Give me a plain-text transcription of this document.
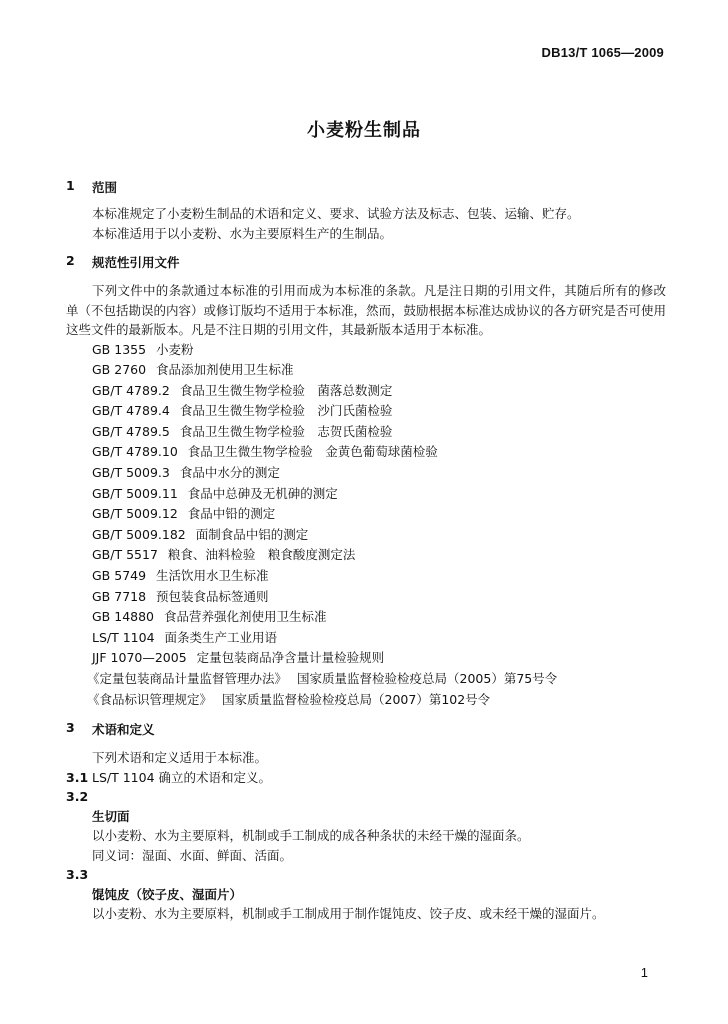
DB13/T 1065—2009
小麦粉生制品
1 范围
本标准规定了小麦粉生制品的术语和定义、要求、试验方法及标志、包装、运输、贮存。
本标准适用于以小麦粉、水为主要原料生产的生制品。
2 规范性引用文件
下列文件中的条款通过本标准的引用而成为本标准的条款。凡是注日期的引用文件，其随后所有的修改单（不包括勘误的内容）或修订版均不适用于本标准，然而，鼓励根据本标准达成协议的各方研究是否可使用这些文件的最新版本。凡是不注日期的引用文件，其最新版本适用于本标准。
GB 1355 小麦粉
GB 2760 食品添加剂使用卫生标准
GB/T 4789.2 食品卫生微生物学检验　菌落总数测定
GB/T 4789.4 食品卫生微生物学检验　沙门氏菌检验
GB/T 4789.5 食品卫生微生物学检验　志贺氏菌检验
GB/T 4789.10 食品卫生微生物学检验　金黄色葡萄球菌检验
GB/T 5009.3 食品中水分的测定
GB/T 5009.11 食品中总砷及无机砷的测定
GB/T 5009.12 食品中铅的测定
GB/T 5009.182 面制食品中铝的测定
GB/T 5517 粮食、油料检验　粮食酸度测定法
GB 5749 生活饮用水卫生标准
GB 7718 预包装食品标签通则
GB 14880 食品营养强化剂使用卫生标准
LS/T 1104 面条类生产工业用语
JJF 1070—2005 定量包装商品净含量计量检验规则
《定量包装商品计量监督管理办法》 国家质量监督检验检疫总局（2005）第75号令
《食品标识管理规定》 国家质量监督检验检疫总局（2007）第102号令
3 术语和定义
下列术语和定义适用于本标准。
3.1 LS/T 1104 确立的术语和定义。
3.2
生切面
以小麦粉、水为主要原料，机制或手工制成的成各种条状的未经干燥的湿面条。
同义词：湿面、水面、鲜面、活面。
3.3
馄饨皮（饺子皮、湿面片）
以小麦粉、水为主要原料，机制或手工制成用于制作馄饨皮、饺子皮、或未经干燥的湿面片。
1
